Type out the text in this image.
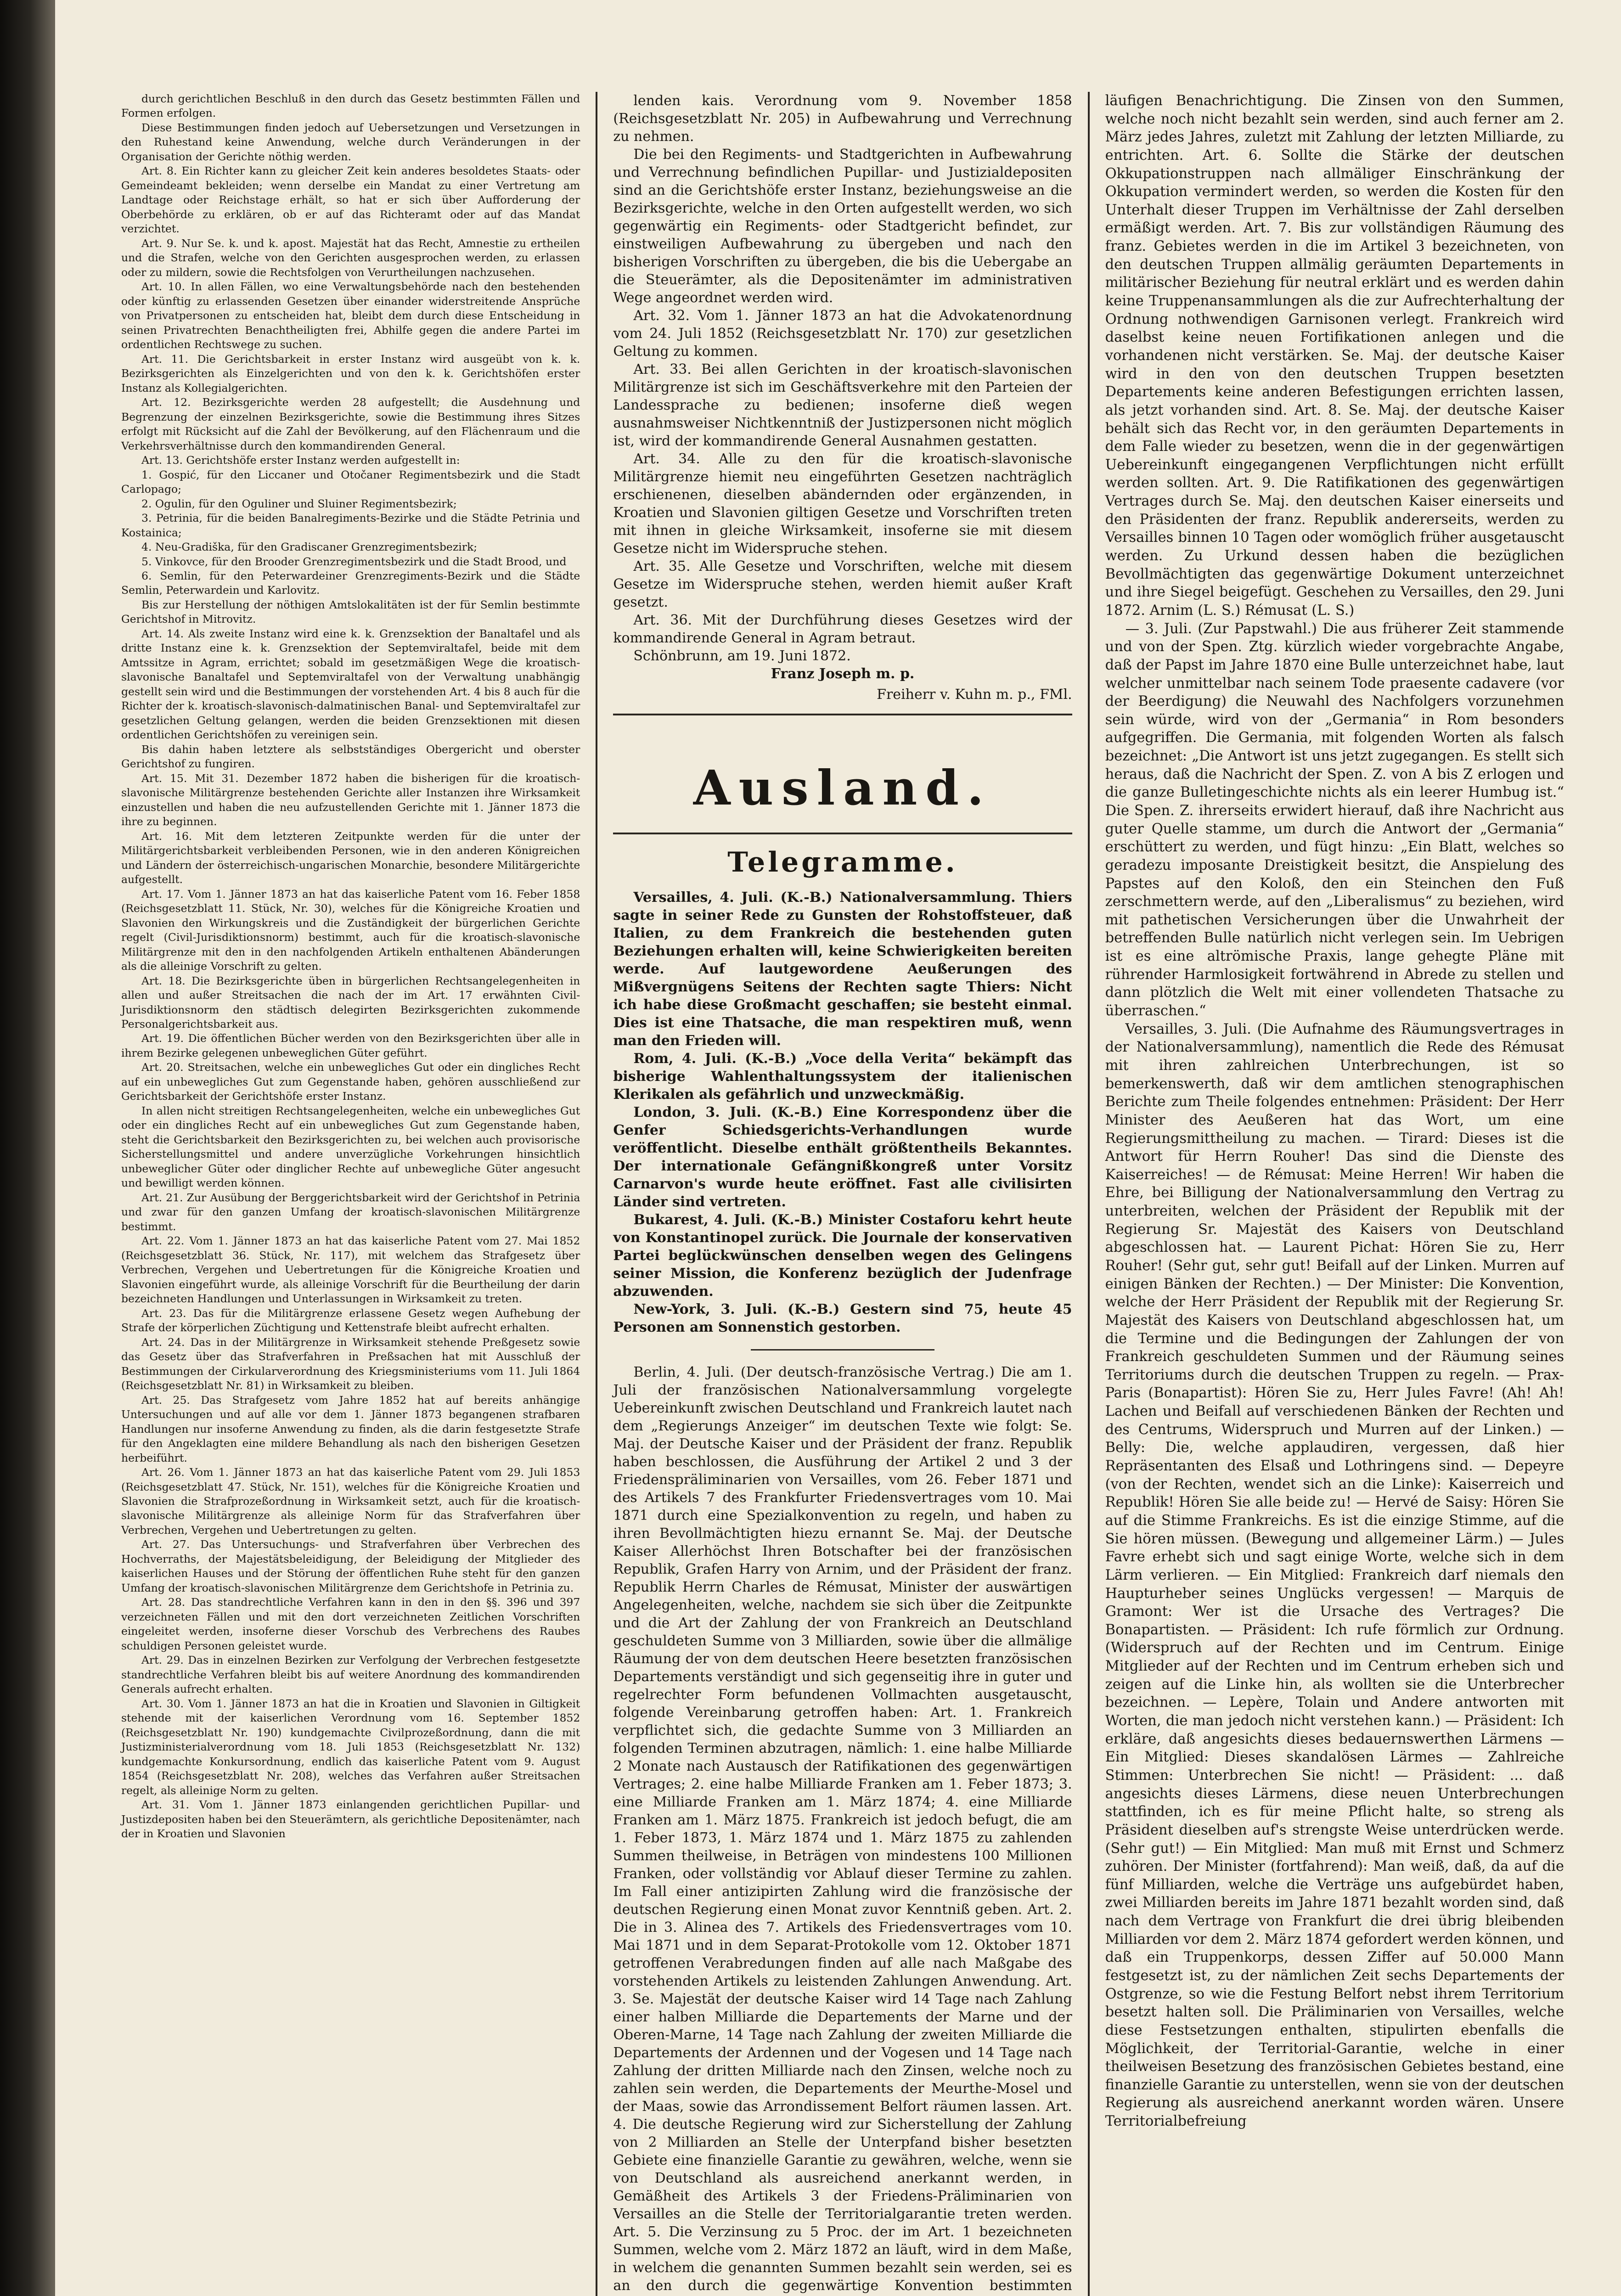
durch gerichtlichen Beschluß in den durch das Gesetz bestimmten Fällen und Formen erfolgen.

Diese Bestimmungen finden jedoch auf Uebersetzungen und Versetzungen in den Ruhestand keine Anwendung, welche durch Veränderungen in der Organisation der Gerichte nöthig werden.

Art. 8. Ein Richter kann zu gleicher Zeit kein anderes besoldetes Staats- oder Gemeindeamt bekleiden; wenn derselbe ein Mandat zu einer Vertretung am Landtage oder Reichstage erhält, so hat er sich über Aufforderung der Oberbehörde zu erklären, ob er auf das Richteramt oder auf das Mandat verzichtet.

Art. 9. Nur Se. k. und k. apost. Majestät hat das Recht, Amnestie zu ertheilen und die Strafen, welche von den Gerichten ausgesprochen werden, zu erlassen oder zu mildern, sowie die Rechtsfolgen von Verurtheilungen nachzusehen.

Art. 10. In allen Fällen, wo eine Verwaltungsbehörde nach den bestehenden oder künftig zu erlassenden Gesetzen über einander widerstreitende Ansprüche von Privatpersonen zu entscheiden hat, bleibt dem durch diese Entscheidung in seinen Privatrechten Benachtheiligten frei, Abhilfe gegen die andere Partei im ordentlichen Rechtswege zu suchen.

Art. 11. Die Gerichtsbarkeit in erster Instanz wird ausgeübt von k. k. Bezirksgerichten als Einzelgerichten und von den k. k. Gerichtshöfen erster Instanz als Kollegialgerichten.

Art. 12. Bezirksgerichte werden 28 aufgestellt; die Ausdehnung und Begrenzung der einzelnen Bezirksgerichte, sowie die Bestimmung ihres Sitzes erfolgt mit Rücksicht auf die Zahl der Bevölkerung, auf den Flächenraum und die Verkehrsverhältnisse durch den kommandirenden General.

Art. 13. Gerichtshöfe erster Instanz werden aufgestellt in:

1. Gospić, für den Liccaner und Otočaner Regimentsbezirk und die Stadt Carlopago;

2. Ogulin, für den Oguliner und Sluiner Regimentsbezirk;

3. Petrinia, für die beiden Banalregiments-Bezirke und die Städte Petrinia und Kostainica;

4. Neu-Gradiška, für den Gradiscaner Grenzregimentsbezirk;

5. Vinkovce, für den Brooder Grenzregimentsbezirk und die Stadt Brood, und

6. Semlin, für den Peterwardeiner Grenzregiments-Bezirk und die Städte Semlin, Peterwardein und Karlovitz.

Bis zur Herstellung der nöthigen Amtslokalitäten ist der für Semlin bestimmte Gerichtshof in Mitrovitz.

Art. 14. Als zweite Instanz wird eine k. k. Grenzsektion der Banaltafel und als dritte Instanz eine k. k. Grenzsektion der Septemviraltafel, beide mit dem Amtssitze in Agram, errichtet; sobald im gesetzmäßigen Wege die kroatisch-slavonische Banaltafel und Septemviraltafel von der Verwaltung unabhängig gestellt sein wird und die Bestimmungen der vorstehenden Art. 4 bis 8 auch für die Richter der k. kroatisch-slavonisch-dalmatinischen Banal- und Septemviraltafel zur gesetzlichen Geltung gelangen, werden die beiden Grenzsektionen mit diesen ordentlichen Gerichtshöfen zu vereinigen sein.

Bis dahin haben letztere als selbstständiges Obergericht und oberster Gerichtshof zu fungiren.

Art. 15. Mit 31. Dezember 1872 haben die bisherigen für die kroatisch-slavonische Militärgrenze bestehenden Gerichte aller Instanzen ihre Wirksamkeit einzustellen und haben die neu aufzustellenden Gerichte mit 1. Jänner 1873 die ihre zu beginnen.

Art. 16. Mit dem letzteren Zeitpunkte werden für die unter der Militärgerichtsbarkeit verbleibenden Personen, wie in den anderen Königreichen und Ländern der österreichisch-ungarischen Monarchie, besondere Militärgerichte aufgestellt.

Art. 17. Vom 1. Jänner 1873 an hat das kaiserliche Patent vom 16. Feber 1858 (Reichsgesetzblatt 11. Stück, Nr. 30), welches für die Königreiche Kroatien und Slavonien den Wirkungskreis und die Zuständigkeit der bürgerlichen Gerichte regelt (Civil-Jurisdiktionsnorm) bestimmt, auch für die kroatisch-slavonische Militärgrenze mit den in den nachfolgenden Artikeln enthaltenen Abänderungen als die alleinige Vorschrift zu gelten.

Art. 18. Die Bezirksgerichte üben in bürgerlichen Rechtsangelegenheiten in allen und außer Streitsachen die nach der im Art. 17 erwähnten Civil-Jurisdiktionsnorm den städtisch delegirten Bezirksgerichten zukommende Personalgerichtsbarkeit aus.

Art. 19. Die öffentlichen Bücher werden von den Bezirksgerichten über alle in ihrem Bezirke gelegenen unbeweglichen Güter geführt.

Art. 20. Streitsachen, welche ein unbewegliches Gut oder ein dingliches Recht auf ein unbewegliches Gut zum Gegenstande haben, gehören ausschließend zur Gerichtsbarkeit der Gerichtshöfe erster Instanz.

In allen nicht streitigen Rechtsangelegenheiten, welche ein unbewegliches Gut oder ein dingliches Recht auf ein unbewegliches Gut zum Gegenstande haben, steht die Gerichtsbarkeit den Bezirksgerichten zu, bei welchen auch provisorische Sicherstellungsmittel und andere unverzügliche Vorkehrungen hinsichtlich unbeweglicher Güter oder dinglicher Rechte auf unbewegliche Güter angesucht und bewilligt werden können.

Art. 21. Zur Ausübung der Berggerichtsbarkeit wird der Gerichtshof in Petrinia und zwar für den ganzen Umfang der kroatisch-slavonischen Militärgrenze bestimmt.

Art. 22. Vom 1. Jänner 1873 an hat das kaiserliche Patent vom 27. Mai 1852 (Reichsgesetzblatt 36. Stück, Nr. 117), mit welchem das Strafgesetz über Verbrechen, Vergehen und Uebertretungen für die Königreiche Kroatien und Slavonien eingeführt wurde, als alleinige Vorschrift für die Beurtheilung der darin bezeichneten Handlungen und Unterlassungen in Wirksamkeit zu treten.

Art. 23. Das für die Militärgrenze erlassene Gesetz wegen Aufhebung der Strafe der körperlichen Züchtigung und Kettenstrafe bleibt aufrecht erhalten.

Art. 24. Das in der Militärgrenze in Wirksamkeit stehende Preßgesetz sowie das Gesetz über das Strafverfahren in Preßsachen hat mit Ausschluß der Bestimmungen der Cirkularverordnung des Kriegsministeriums vom 11. Juli 1864 (Reichsgesetzblatt Nr. 81) in Wirksamkeit zu bleiben.

Art. 25. Das Strafgesetz vom Jahre 1852 hat auf bereits anhängige Untersuchungen und auf alle vor dem 1. Jänner 1873 begangenen strafbaren Handlungen nur insoferne Anwendung zu finden, als die darin festgesetzte Strafe für den Angeklagten eine mildere Behandlung als nach den bisherigen Gesetzen herbeiführt.

Art. 26. Vom 1. Jänner 1873 an hat das kaiserliche Patent vom 29. Juli 1853 (Reichsgesetzblatt 47. Stück, Nr. 151), welches für die Königreiche Kroatien und Slavonien die Strafprozeßordnung in Wirksamkeit setzt, auch für die kroatisch-slavonische Militärgrenze als alleinige Norm für das Strafverfahren über Verbrechen, Vergehen und Uebertretungen zu gelten.

Art. 27. Das Untersuchungs- und Strafverfahren über Verbrechen des Hochverraths, der Majestätsbeleidigung, der Beleidigung der Mitglieder des kaiserlichen Hauses und der Störung der öffentlichen Ruhe steht für den ganzen Umfang der kroatisch-slavonischen Militärgrenze dem Gerichtshofe in Petrinia zu.

Art. 28. Das standrechtliche Verfahren kann in den in den §§. 396 und 397 verzeichneten Fällen und mit den dort verzeichneten Zeitlichen Vorschriften eingeleitet werden, insoferne dieser Vorschub des Verbrechens des Raubes schuldigen Personen geleistet wurde.

Art. 29. Das in einzelnen Bezirken zur Verfolgung der Verbrechen festgesetzte standrechtliche Verfahren bleibt bis auf weitere Anordnung des kommandirenden Generals aufrecht erhalten.

Art. 30. Vom 1. Jänner 1873 an hat die in Kroatien und Slavonien in Giltigkeit stehende mit der kaiserlichen Verordnung vom 16. September 1852 (Reichsgesetzblatt Nr. 190) kundgemachte Civilprozeßordnung, dann die mit Justizministerialverordnung vom 18. Juli 1853 (Reichsgesetzblatt Nr. 132) kundgemachte Konkursordnung, endlich das kaiserliche Patent vom 9. August 1854 (Reichsgesetzblatt Nr. 208), welches das Verfahren außer Streitsachen regelt, als alleinige Norm zu gelten.

Art. 31. Vom 1. Jänner 1873 einlangenden gerichtlichen Pupillar- und Justizdepositen haben bei den Steuerämtern, als gerichtliche Depositenämter, nach der in Kroatien und Slavonien

lenden kais. Verordnung vom 9. November 1858 (Reichsgesetzblatt Nr. 205) in Aufbewahrung und Verrechnung zu nehmen.

Die bei den Regiments- und Stadtgerichten in Aufbewahrung und Verrechnung befindlichen Pupillar- und Justizialdepositen sind an die Gerichtshöfe erster Instanz, beziehungsweise an die Bezirksgerichte, welche in den Orten aufgestellt werden, wo sich gegenwärtig ein Regiments- oder Stadtgericht befindet, zur einstweiligen Aufbewahrung zu übergeben und nach den bisherigen Vorschriften zu übergeben, die bis die Uebergabe an die Steuerämter, als die Depositenämter im administrativen Wege angeordnet werden wird.

Art. 32. Vom 1. Jänner 1873 an hat die Advokatenordnung vom 24. Juli 1852 (Reichsgesetzblatt Nr. 170) zur gesetzlichen Geltung zu kommen.

Art. 33. Bei allen Gerichten in der kroatisch-slavonischen Militärgrenze ist sich im Geschäftsverkehre mit den Parteien der Landessprache zu bedienen; insoferne dieß wegen ausnahmsweiser Nichtkenntniß der Justizpersonen nicht möglich ist, wird der kommandirende General Ausnahmen gestatten.

Art. 34. Alle zu den für die kroatisch-slavonische Militärgrenze hiemit neu eingeführten Gesetzen nachträglich erschienenen, dieselben abändernden oder ergänzenden, in Kroatien und Slavonien giltigen Gesetze und Vorschriften treten mit ihnen in gleiche Wirksamkeit, insoferne sie mit diesem Gesetze nicht im Widerspruche stehen.

Art. 35. Alle Gesetze und Vorschriften, welche mit diesem Gesetze im Widerspruche stehen, werden hiemit außer Kraft gesetzt.

Art. 36. Mit der Durchführung dieses Gesetzes wird der kommandirende General in Agram betraut.

Schönbrunn, am 19. Juni 1872.

Franz Joseph m. p.

Freiherr v. Kuhn m. p., FMl.

Ausland.
Telegramme.

Versailles, 4. Juli. (K.-B.) Nationalversammlung. Thiers sagte in seiner Rede zu Gunsten der Rohstoffsteuer, daß Italien, zu dem Frankreich die bestehenden guten Beziehungen erhalten will, keine Schwierigkeiten bereiten werde. Auf lautgewordene Aeußerungen des Mißvergnügens Seitens der Rechten sagte Thiers: Nicht ich habe diese Großmacht geschaffen; sie besteht einmal. Dies ist eine Thatsache, die man respektiren muß, wenn man den Frieden will.

Rom, 4. Juli. (K.-B.) „Voce della Verita“ bekämpft das bisherige Wahlenthaltungssystem der italienischen Klerikalen als gefährlich und unzweckmäßig.

London, 3. Juli. (K.-B.) Eine Korrespondenz über die Genfer Schiedsgerichts-Verhandlungen wurde veröffentlicht. Dieselbe enthält größtentheils Bekanntes. Der internationale Gefängnißkongreß unter Vorsitz Carnarvon's wurde heute eröffnet. Fast alle civilisirten Länder sind vertreten.

Bukarest, 4. Juli. (K.-B.) Minister Costaforu kehrt heute von Konstantinopel zurück. Die Journale der konservativen Partei beglückwünschen denselben wegen des Gelingens seiner Mission, die Konferenz bezüglich der Judenfrage abzuwenden.

New-York, 3. Juli. (K.-B.) Gestern sind 75, heute 45 Personen am Sonnenstich gestorben.

Berlin, 4. Juli. (Der deutsch-französische Vertrag.) Die am 1. Juli der französischen Nationalversammlung vorgelegte Uebereinkunft zwischen Deutschland und Frankreich lautet nach dem „Regierungs Anzeiger“ im deutschen Texte wie folgt: Se. Maj. der Deutsche Kaiser und der Präsident der franz. Republik haben beschlossen, die Ausführung der Artikel 2 und 3 der Friedenspräliminarien von Versailles, vom 26. Feber 1871 und des Artikels 7 des Frankfurter Friedensvertrages vom 10. Mai 1871 durch eine Spezialkonvention zu regeln, und haben zu ihren Bevollmächtigten hiezu ernannt Se. Maj. der Deutsche Kaiser Allerhöchst Ihren Botschafter bei der französischen Republik, Grafen Harry von Arnim, und der Präsident der franz. Republik Herrn Charles de Rémusat, Minister der auswärtigen Angelegenheiten, welche, nachdem sie sich über die Zeitpunkte und die Art der Zahlung der von Frankreich an Deutschland geschuldeten Summe von 3 Milliarden, sowie über die allmälige Räumung der von dem deutschen Heere besetzten französischen Departements verständigt und sich gegenseitig ihre in guter und regelrechter Form befundenen Vollmachten ausgetauscht, folgende Vereinbarung getroffen haben: Art. 1. Frankreich verpflichtet sich, die gedachte Summe von 3 Milliarden an folgenden Terminen abzutragen, nämlich: 1. eine halbe Milliarde 2 Monate nach Austausch der Ratifikationen des gegenwärtigen Vertrages; 2. eine halbe Milliarde Franken am 1. Feber 1873; 3. eine Milliarde Franken am 1. März 1874; 4. eine Milliarde Franken am 1. März 1875. Frankreich ist jedoch befugt, die am 1. Feber 1873, 1. März 1874 und 1. März 1875 zu zahlenden Summen theilweise, in Beträgen von mindestens 100 Millionen Franken, oder vollständig vor Ablauf dieser Termine zu zahlen. Im Fall einer antizipirten Zahlung wird die französische der deutschen Regierung einen Monat zuvor Kenntniß geben. Art. 2. Die in 3. Alinea des 7. Artikels des Friedensvertrages vom 10. Mai 1871 und in dem Separat-Protokolle vom 12. Oktober 1871 getroffenen Verabredungen finden auf alle nach Maßgabe des vorstehenden Artikels zu leistenden Zahlungen Anwendung. Art. 3. Se. Majestät der deutsche Kaiser wird 14 Tage nach Zahlung einer halben Milliarde die Departements der Marne und der Oberen-Marne, 14 Tage nach Zahlung der zweiten Milliarde die Departements der Ardennen und der Vogesen und 14 Tage nach Zahlung der dritten Milliarde nach den Zinsen, welche noch zu zahlen sein werden, die Departements der Meurthe-Mosel und der Maas, sowie das Arrondissement Belfort räumen lassen. Art. 4. Die deutsche Regierung wird zur Sicherstellung der Zahlung von 2 Milliarden an Stelle der Unterpfand bisher besetzten Gebiete eine finanzielle Garantie zu gewähren, welche, wenn sie von Deutschland als ausreichend anerkannt werden, in Gemäßheit des Artikels 3 der Friedens-Präliminarien von Versailles an die Stelle der Territorialgarantie treten werden. Art. 5. Die Verzinsung zu 5 Proc. der im Art. 1 bezeichneten Summen, welche vom 2. März 1872 an läuft, wird in dem Maße, in welchem die genannten Summen bezahlt sein werden, sei es an den durch die gegenwärtige Konvention bestimmten

läufigen Benachrichtigung. Die Zinsen von den Summen, welche noch nicht bezahlt sein werden, sind auch ferner am 2. März jedes Jahres, zuletzt mit Zahlung der letzten Milliarde, zu entrichten. Art. 6. Sollte die Stärke der deutschen Okkupationstruppen nach allmäliger Einschränkung der Okkupation vermindert werden, so werden die Kosten für den Unterhalt dieser Truppen im Verhältnisse der Zahl derselben ermäßigt werden. Art. 7. Bis zur vollständigen Räumung des franz. Gebietes werden in die im Artikel 3 bezeichneten, von den deutschen Truppen allmälig geräumten Departements in militärischer Beziehung für neutral erklärt und es werden dahin keine Truppenansammlungen als die zur Aufrechterhaltung der Ordnung nothwendigen Garnisonen verlegt. Frankreich wird daselbst keine neuen Fortifikationen anlegen und die vorhandenen nicht verstärken. Se. Maj. der deutsche Kaiser wird in den von den deutschen Truppen besetzten Departements keine anderen Befestigungen errichten lassen, als jetzt vorhanden sind. Art. 8. Se. Maj. der deutsche Kaiser behält sich das Recht vor, in den geräumten Departements in dem Falle wieder zu besetzen, wenn die in der gegenwärtigen Uebereinkunft eingegangenen Verpflichtungen nicht erfüllt werden sollten. Art. 9. Die Ratifikationen des gegenwärtigen Vertrages durch Se. Maj. den deutschen Kaiser einerseits und den Präsidenten der franz. Republik andererseits, werden zu Versailles binnen 10 Tagen oder womöglich früher ausgetauscht werden. Zu Urkund dessen haben die bezüglichen Bevollmächtigten das gegenwärtige Dokument unterzeichnet und ihre Siegel beigefügt. Geschehen zu Versailles, den 29. Juni 1872. Arnim (L. S.) Rémusat (L. S.)

— 3. Juli. (Zur Papstwahl.) Die aus früherer Zeit stammende und von der Spen. Ztg. kürzlich wieder vorgebrachte Angabe, daß der Papst im Jahre 1870 eine Bulle unterzeichnet habe, laut welcher unmittelbar nach seinem Tode praesente cadavere (vor der Beerdigung) die Neuwahl des Nachfolgers vorzunehmen sein würde, wird von der „Germania“ in Rom besonders aufgegriffen. Die Germania, mit folgenden Worten als falsch bezeichnet: „Die Antwort ist uns jetzt zugegangen. Es stellt sich heraus, daß die Nachricht der Spen. Z. von A bis Z erlogen und die ganze Bulletingeschichte nichts als ein leerer Humbug ist.“ Die Spen. Z. ihrerseits erwidert hierauf, daß ihre Nachricht aus guter Quelle stamme, um durch die Antwort der „Germania“ erschüttert zu werden, und fügt hinzu: „Ein Blatt, welches so geradezu imposante Dreistigkeit besitzt, die Anspielung des Papstes auf den Koloß, den ein Steinchen den Fuß zerschmettern werde, auf den „Liberalismus“ zu beziehen, wird mit pathetischen Versicherungen über die Unwahrheit der betreffenden Bulle natürlich nicht verlegen sein. Im Uebrigen ist es eine altrömische Praxis, lange gehegte Pläne mit rührender Harmlosigkeit fortwährend in Abrede zu stellen und dann plötzlich die Welt mit einer vollendeten Thatsache zu überraschen.“

Versailles, 3. Juli. (Die Aufnahme des Räumungsvertrages in der Nationalversammlung), namentlich die Rede des Rémusat mit ihren zahlreichen Unterbrechungen, ist so bemerkenswerth, daß wir dem amtlichen stenographischen Berichte zum Theile folgendes entnehmen: Präsident: Der Herr Minister des Aeußeren hat das Wort, um eine Regierungsmittheilung zu machen. — Tirard: Dieses ist die Antwort für Herrn Rouher! Das sind die Dienste des Kaiserreiches! — de Rémusat: Meine Herren! Wir haben die Ehre, bei Billigung der Nationalversammlung den Vertrag zu unterbreiten, welchen der Präsident der Republik mit der Regierung Sr. Majestät des Kaisers von Deutschland abgeschlossen hat. — Laurent Pichat: Hören Sie zu, Herr Rouher! (Sehr gut, sehr gut! Beifall auf der Linken. Murren auf einigen Bänken der Rechten.) — Der Minister: Die Konvention, welche der Herr Präsident der Republik mit der Regierung Sr. Majestät des Kaisers von Deutschland abgeschlossen hat, um die Termine und die Bedingungen der Zahlungen der von Frankreich geschuldeten Summen und der Räumung seines Territoriums durch die deutschen Truppen zu regeln. — Prax-Paris (Bonapartist): Hören Sie zu, Herr Jules Favre! (Ah! Ah! Lachen und Beifall auf verschiedenen Bänken der Rechten und des Centrums, Widerspruch und Murren auf der Linken.) — Belly: Die, welche applaudiren, vergessen, daß hier Repräsentanten des Elsaß und Lothringens sind. — Depeyre (von der Rechten, wendet sich an die Linke): Kaiserreich und Republik! Hören Sie alle beide zu! — Hervé de Saisy: Hören Sie auf die Stimme Frankreichs. Es ist die einzige Stimme, auf die Sie hören müssen. (Bewegung und allgemeiner Lärm.) — Jules Favre erhebt sich und sagt einige Worte, welche sich in dem Lärm verlieren. — Ein Mitglied: Frankreich darf niemals den Haupturheber seines Unglücks vergessen! — Marquis de Gramont: Wer ist die Ursache des Vertrages? Die Bonapartisten. — Präsident: Ich rufe förmlich zur Ordnung. (Widerspruch auf der Rechten und im Centrum. Einige Mitglieder auf der Rechten und im Centrum erheben sich und zeigen auf die Linke hin, als wollten sie die Unterbrecher bezeichnen. — Lepère, Tolain und Andere antworten mit Worten, die man jedoch nicht verstehen kann.) — Präsident: Ich erkläre, daß angesichts dieses bedauernswerthen Lärmens — Ein Mitglied: Dieses skandalösen Lärmes — Zahlreiche Stimmen: Unterbrechen Sie nicht! — Präsident: ... daß angesichts dieses Lärmens, diese neuen Unterbrechungen stattfinden, ich es für meine Pflicht halte, so streng als Präsident dieselben auf's strengste Weise unterdrücken werde. (Sehr gut!) — Ein Mitglied: Man muß mit Ernst und Schmerz zuhören. Der Minister (fortfahrend): Man weiß, daß, da auf die fünf Milliarden, welche die Verträge uns aufgebürdet haben, zwei Milliarden bereits im Jahre 1871 bezahlt worden sind, daß nach dem Vertrage von Frankfurt die drei übrig bleibenden Milliarden vor dem 2. März 1874 gefordert werden können, und daß ein Truppenkorps, dessen Ziffer auf 50.000 Mann festgesetzt ist, zu der nämlichen Zeit sechs Departements der Ostgrenze, so wie die Festung Belfort nebst ihrem Territorium besetzt halten soll. Die Präliminarien von Versailles, welche diese Festsetzungen enthalten, stipulirten ebenfalls die Möglichkeit, der Territorial-Garantie, welche in einer theilweisen Besetzung des französischen Gebietes bestand, eine finanzielle Garantie zu unterstellen, wenn sie von der deutschen Regierung als ausreichend anerkannt worden wären. Unsere Territorialbefreiung
